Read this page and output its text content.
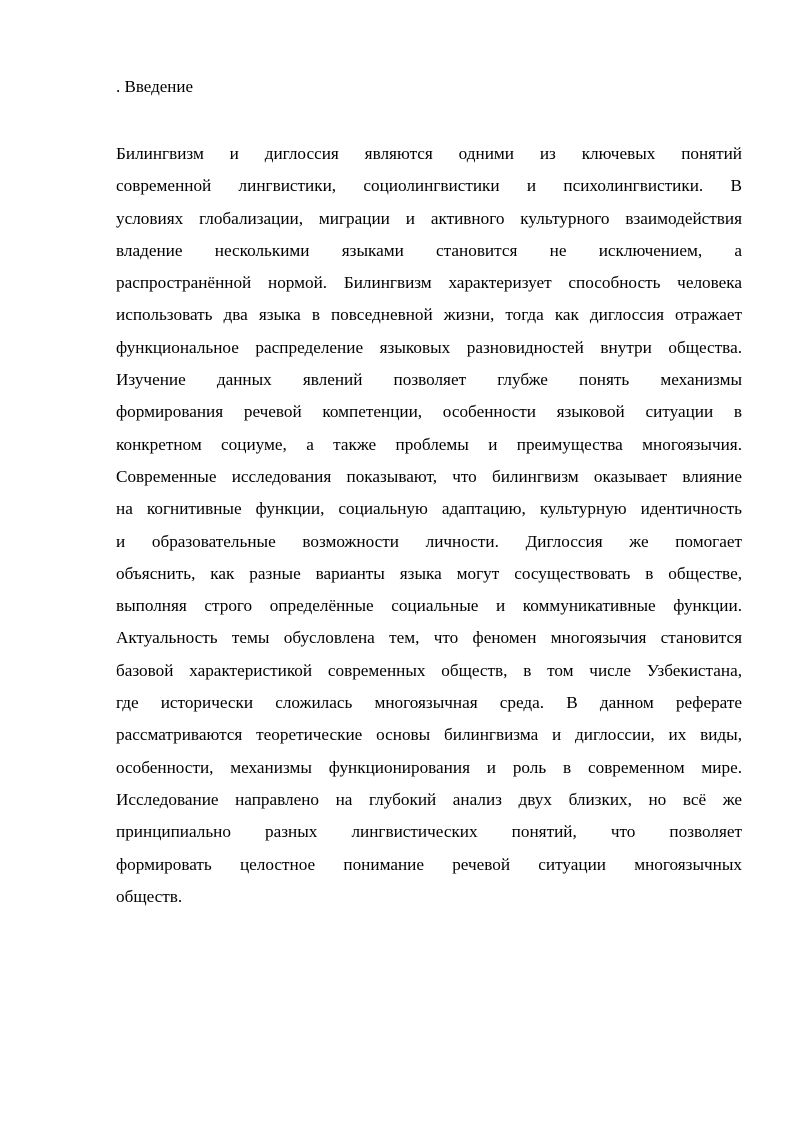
. Введение
Билингвизм и диглоссия являются одними из ключевых понятий
современной лингвистики, социолингвистики и психолингвистики. В
условиях глобализации, миграции и активного культурного взаимодействия
владение несколькими языками становится не исключением, а
распространённой нормой. Билингвизм характеризует способность человека
использовать два языка в повседневной жизни, тогда как диглоссия отражает
функциональное распределение языковых разновидностей внутри общества.
Изучение данных явлений позволяет глубже понять механизмы
формирования речевой компетенции, особенности языковой ситуации в
конкретном социуме, а также проблемы и преимущества многоязычия.
Современные исследования показывают, что билингвизм оказывает влияние
на когнитивные функции, социальную адаптацию, культурную идентичность
и образовательные возможности личности. Диглоссия же помогает
объяснить, как разные варианты языка могут сосуществовать в обществе,
выполняя строго определённые социальные и коммуникативные функции.
Актуальность темы обусловлена тем, что феномен многоязычия становится
базовой характеристикой современных обществ, в том числе Узбекистана,
где исторически сложилась многоязычная среда. В данном реферате
рассматриваются теоретические основы билингвизма и диглоссии, их виды,
особенности, механизмы функционирования и роль в современном мире.
Исследование направлено на глубокий анализ двух близких, но всё же
принципиально разных лингвистических понятий, что позволяет
формировать целостное понимание речевой ситуации многоязычных
обществ.
